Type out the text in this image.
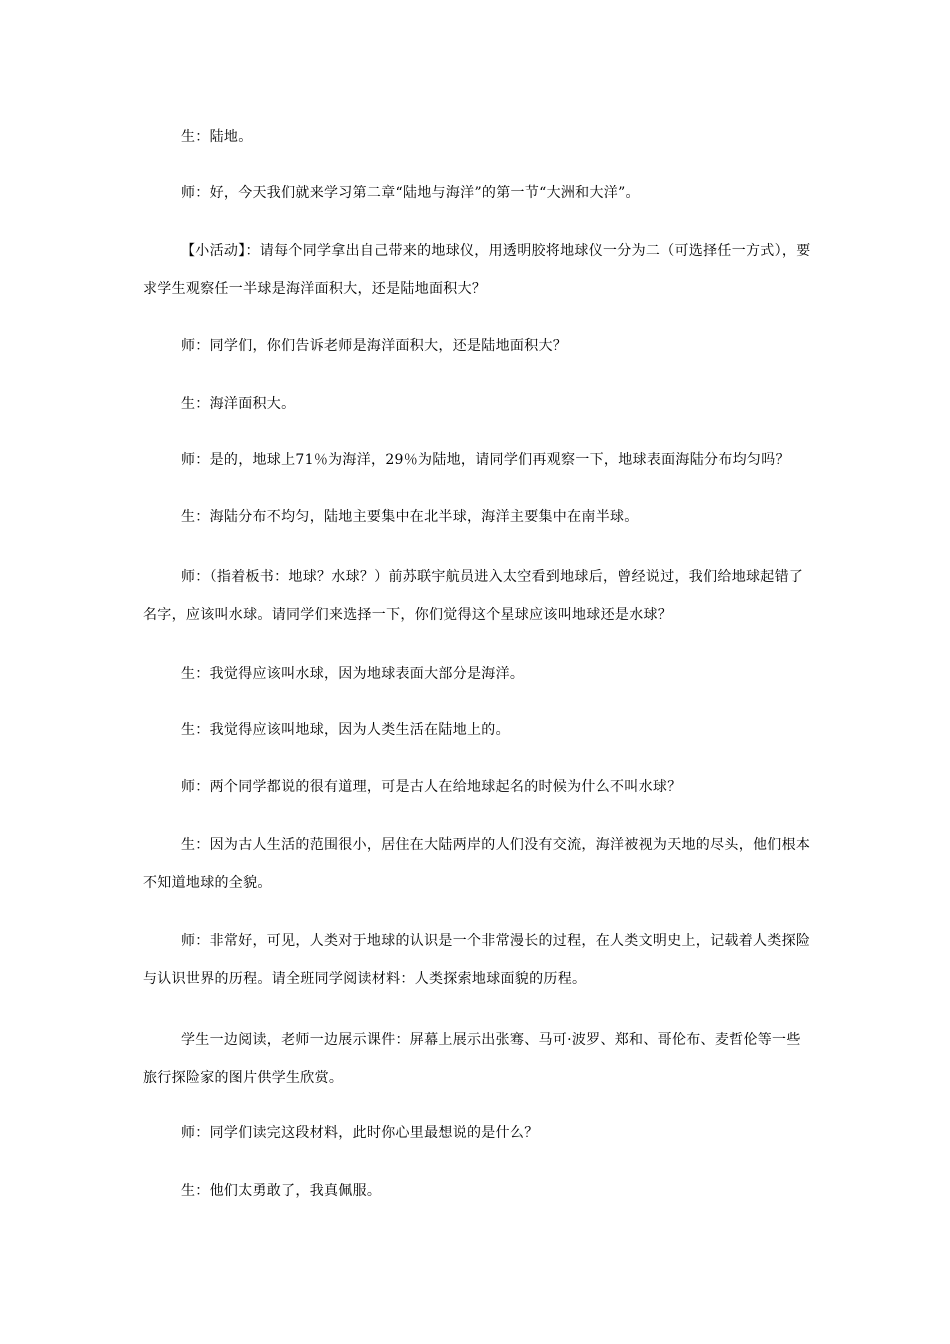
生：陆地。

师：好，今天我们就来学习第二章“陆地与海洋”的第一节“大洲和大洋”。

【小活动】：请每个同学拿出自己带来的地球仪，用透明胶将地球仪一分为二（可选择任一方式），要求学生观察任一半球是海洋面积大，还是陆地面积大？

师：同学们，你们告诉老师是海洋面积大，还是陆地面积大？

生：海洋面积大。

师：是的，地球上71％为海洋，29％为陆地，请同学们再观察一下，地球表面海陆分布均匀吗？

生：海陆分布不均匀，陆地主要集中在北半球，海洋主要集中在南半球。

师：（指着板书：地球？水球？）前苏联宇航员进入太空看到地球后，曾经说过，我们给地球起错了名字，应该叫水球。请同学们来选择一下，你们觉得这个星球应该叫地球还是水球？

生：我觉得应该叫水球，因为地球表面大部分是海洋。

生：我觉得应该叫地球，因为人类生活在陆地上的。

师：两个同学都说的很有道理，可是古人在给地球起名的时候为什么不叫水球？

生：因为古人生活的范围很小，居住在大陆两岸的人们没有交流，海洋被视为天地的尽头，他们根本不知道地球的全貌。

师：非常好，可见，人类对于地球的认识是一个非常漫长的过程，在人类文明史上，记载着人类探险与认识世界的历程。请全班同学阅读材料：人类探索地球面貌的历程。

学生一边阅读，老师一边展示课件：屏幕上展示出张骞、马可·波罗、郑和、哥伦布、麦哲伦等一些旅行探险家的图片供学生欣赏。

师：同学们读完这段材料，此时你心里最想说的是什么？

生：他们太勇敢了，我真佩服。
